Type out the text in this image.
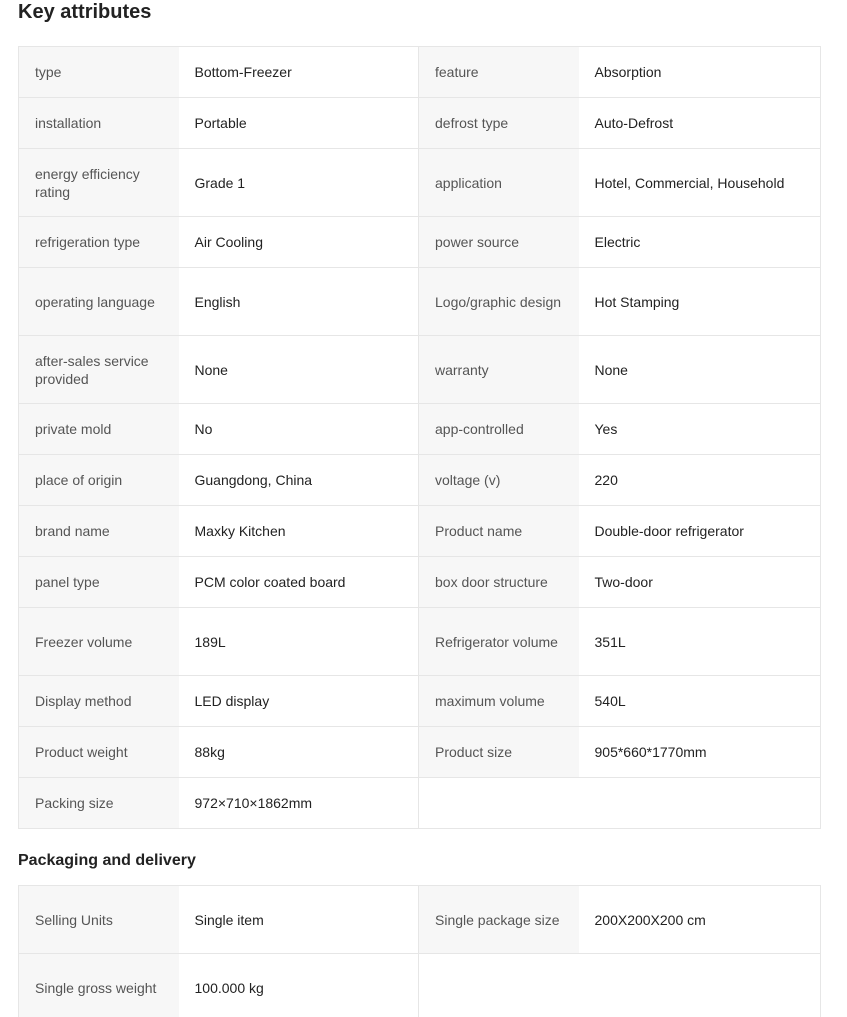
Key attributes
type	Bottom-Freezer	feature	Absorption
installation	Portable	defrost type	Auto-Defrost
energy efficiency rating	Grade 1	application	Hotel, Commercial, Household
refrigeration type	Air Cooling	power source	Electric
operating language	English	Logo/graphic design	Hot Stamping
after-sales service provided	None	warranty	None
private mold	No	app-controlled	Yes
place of origin	Guangdong, China	voltage (v)	220
brand name	Maxky Kitchen	Product name	Double-door refrigerator
panel type	PCM color coated board	box door structure	Two-door
Freezer volume	189L	Refrigerator volume	351L
Display method	LED display	maximum volume	540L
Product weight	88kg	Product size	905*660*1770mm
Packing size	972×710×1862mm		
Packaging and delivery
Selling Units	Single item	Single package size	200X200X200 cm
Single gross weight	100.000 kg		
